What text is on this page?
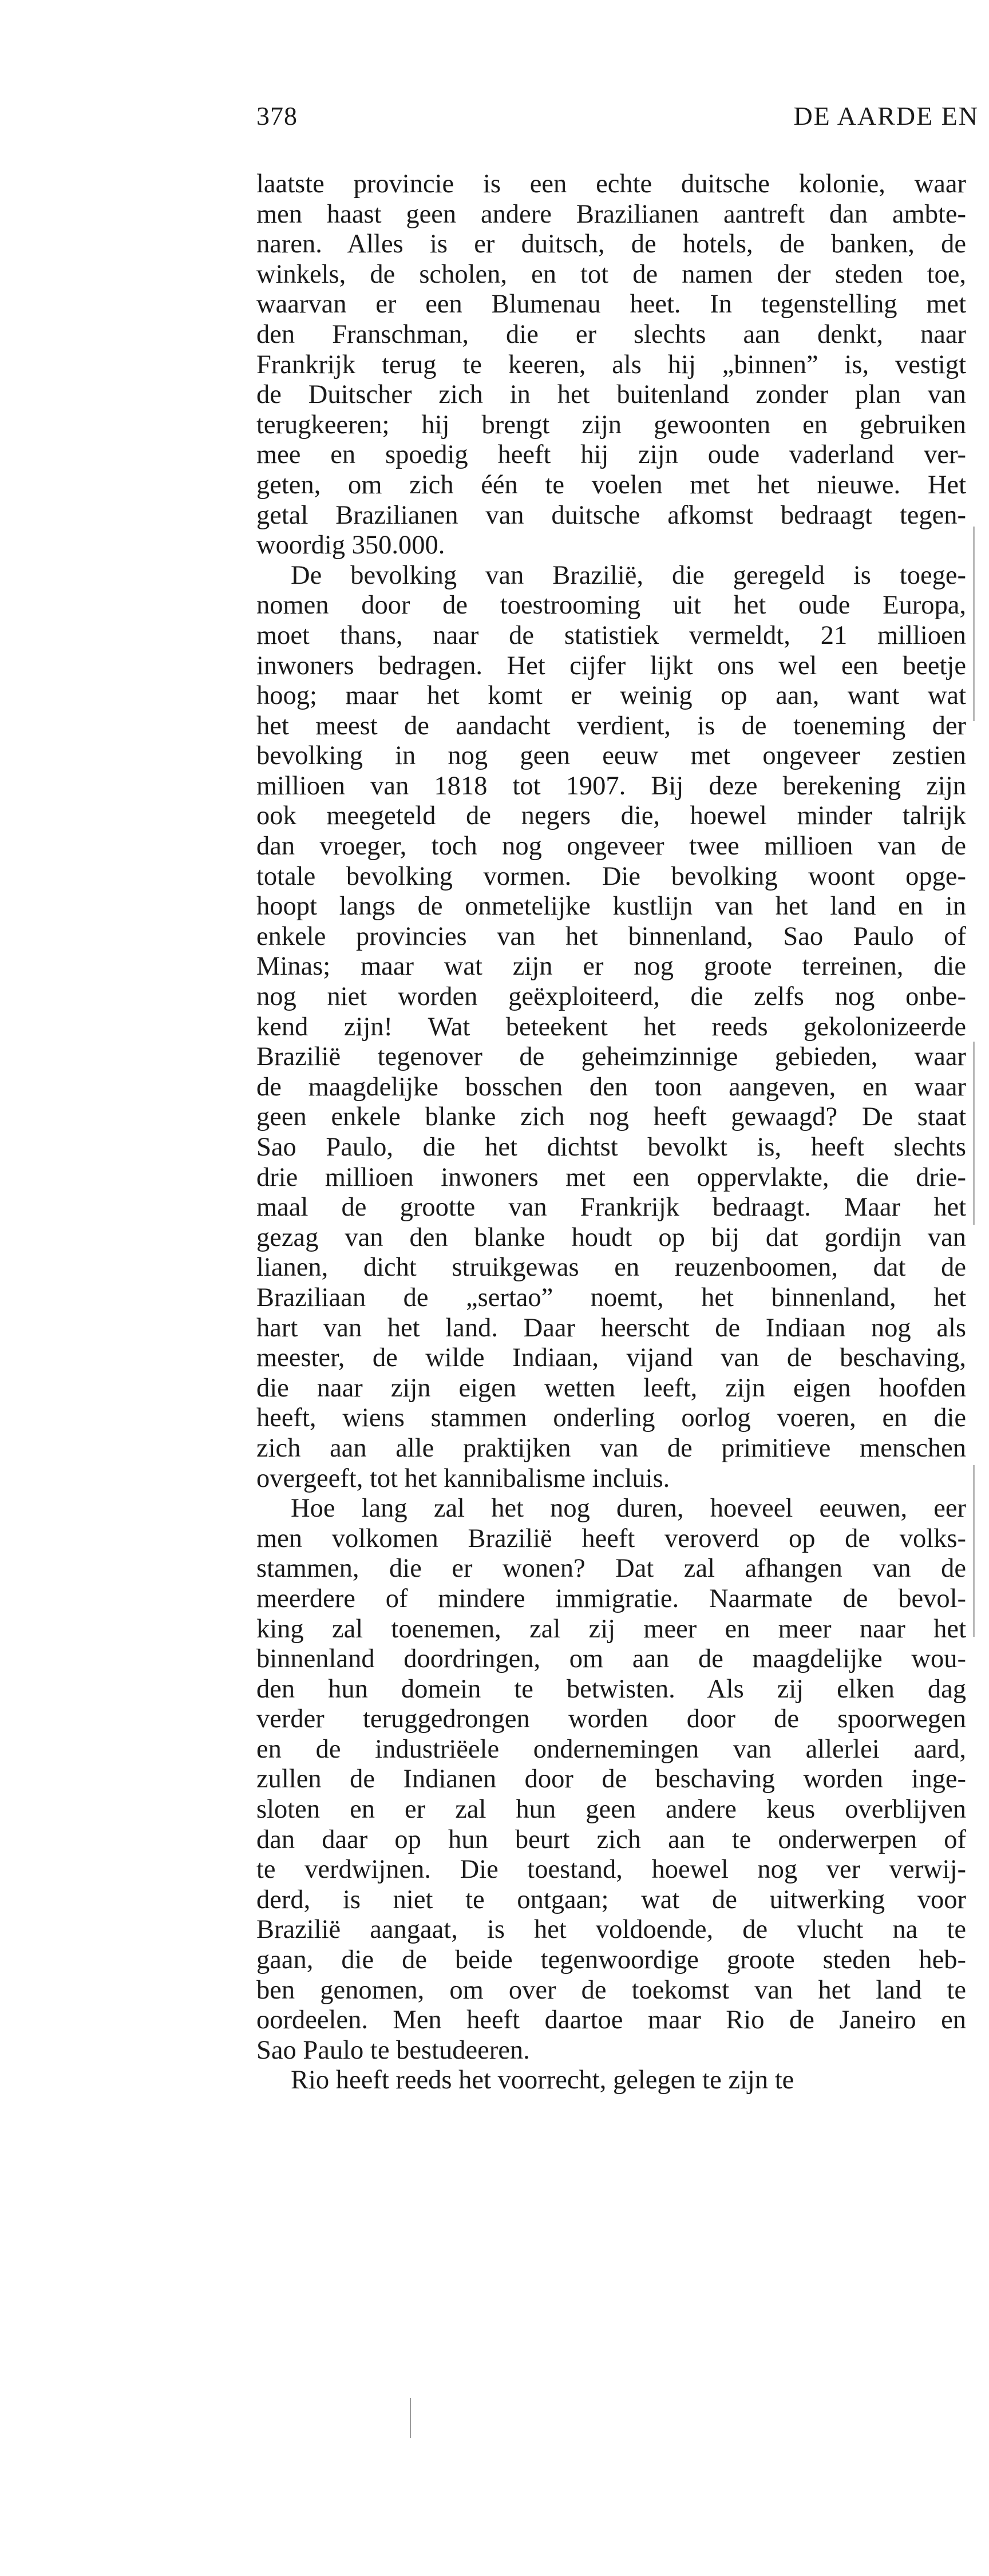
378	DE AARDE EN
laatste provincie is een echte duitsche kolonie, waar
men haast geen andere Brazilianen aantreft dan ambte-
naren. Alles is er duitsch, de hotels, de banken, de
winkels, de scholen, en tot de namen der steden toe,
waarvan er een Blumenau heet. In tegenstelling met
den Franschman, die er slechts aan denkt, naar
Frankrijk terug te keeren, als hij „binnen” is, vestigt
de Duitscher zich in het buitenland zonder plan van
terugkeeren; hij brengt zijn gewoonten en gebruiken
mee en spoedig heeft hij zijn oude vaderland ver-
geten, om zich één te voelen met het nieuwe. Het
getal Brazilianen van duitsche afkomst bedraagt tegen-
woordig 350.000.
De bevolking van Brazilië, die geregeld is toege-
nomen door de toestrooming uit het oude Europa,
moet thans, naar de statistiek vermeldt, 21 millioen
inwoners bedragen. Het cijfer lijkt ons wel een beetje
hoog; maar het komt er weinig op aan, want wat
het meest de aandacht verdient, is de toeneming der
bevolking in nog geen eeuw met ongeveer zestien
millioen van 1818 tot 1907. Bij deze berekening zijn
ook meegeteld de negers die, hoewel minder talrijk
dan vroeger, toch nog ongeveer twee millioen van de
totale bevolking vormen. Die bevolking woont opge-
hoopt langs de onmetelijke kustlijn van het land en in
enkele provincies van het binnenland, Sao Paulo of
Minas; maar wat zijn er nog groote terreinen, die
nog niet worden geëxploiteerd, die zelfs nog onbe-
kend zijn! Wat beteekent het reeds gekolonizeerde
Brazilië tegenover de geheimzinnige gebieden, waar
de maagdelijke bosschen den toon aangeven, en waar
geen enkele blanke zich nog heeft gewaagd? De staat
Sao Paulo, die het dichtst bevolkt is, heeft slechts
drie millioen inwoners met een oppervlakte, die drie-
maal de grootte van Frankrijk bedraagt. Maar het
gezag van den blanke houdt op bij dat gordijn van
lianen, dicht struikgewas en reuzenboomen, dat de
Braziliaan de „sertao” noemt, het binnenland, het
hart van het land. Daar heerscht de Indiaan nog als
meester, de wilde Indiaan, vijand van de beschaving,
die naar zijn eigen wetten leeft, zijn eigen hoofden
heeft, wiens stammen onderling oorlog voeren, en die
zich aan alle praktijken van de primitieve menschen
overgeeft, tot het kannibalisme incluis.
Hoe lang zal het nog duren, hoeveel eeuwen, eer
men volkomen Brazilië heeft veroverd op de volks-
stammen, die er wonen? Dat zal afhangen van de
meerdere of mindere immigratie. Naarmate de bevol-
king zal toenemen, zal zij meer en meer naar het
binnenland doordringen, om aan de maagdelijke wou-
den hun domein te betwisten. Als zij elken dag
verder teruggedrongen worden door de spoorwegen
en de industriëele ondernemingen van allerlei aard,
zullen de Indianen door de beschaving worden inge-
sloten en er zal hun geen andere keus overblijven
dan daar op hun beurt zich aan te onderwerpen of
te verdwijnen. Die toestand, hoewel nog ver verwij-
derd, is niet te ontgaan; wat de uitwerking voor
Brazilië aangaat, is het voldoende, de vlucht na te
gaan, die de beide tegenwoordige groote steden heb-
ben genomen, om over de toekomst van het land te
oordeelen. Men heeft daartoe maar Rio de Janeiro en
Sao Paulo te bestudeeren.
Rio heeft reeds het voorrecht, gelegen te zijn te
